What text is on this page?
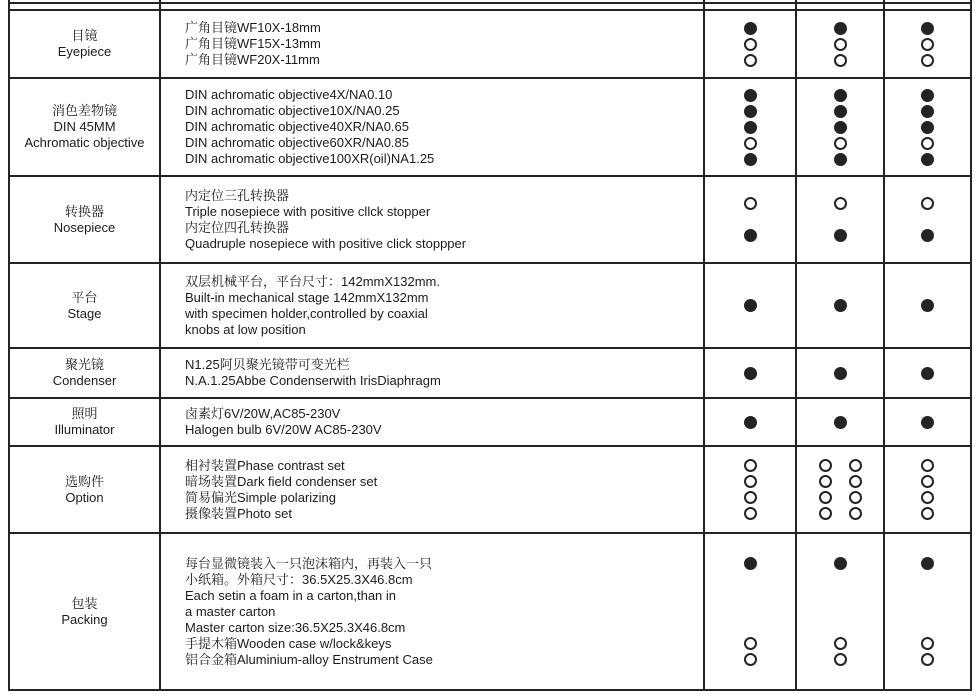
目镜
Eyepiece
广角目镜WF10X-18mm
广角目镜WF15X-13mm
广角目镜WF20X-11mm
消色差物镜
DIN 45MM
Achromatic objective
DIN achromatic objective4X/NA0.10
DIN achromatic objective10X/NA0.25
DIN achromatic objective40XR/NA0.65
DIN achromatic objective60XR/NA0.85
DIN achromatic objective100XR(oil)NA1.25
转换器
Nosepiece
内定位三孔转换器
Triple nosepiece with positive cllck stopper
内定位四孔转换器
Quadruple nosepiece with positive click stoppper
平台
Stage
双层机械平台，平台尺寸：142mmX132mm.
Built-in mechanical stage 142mmX132mm
with specimen holder,controlled by coaxial
knobs at low position
聚光镜
Condenser
N1.25阿贝聚光镜带可变光栏
N.A.1.25Abbe Condenserwith IrisDiaphragm
照明
Illuminator
卤素灯6V/20W,AC85-230V
Halogen bulb 6V/20W AC85-230V
选购件
Option
相衬装置Phase contrast set
暗场装置Dark field condenser set
简易偏光Simple polarizing
摄像装置Photo set
包装
Packing
每台显微镜装入一只泡沫箱内，再装入一只
小纸箱。外箱尺寸：36.5X25.3X46.8cm
Each setin a foam in a carton,than in
a master carton
Master carton size:36.5X25.3X46.8cm
手提木箱Wooden case w/lock&keys
铝合金箱Aluminium-alloy Enstrument Case
